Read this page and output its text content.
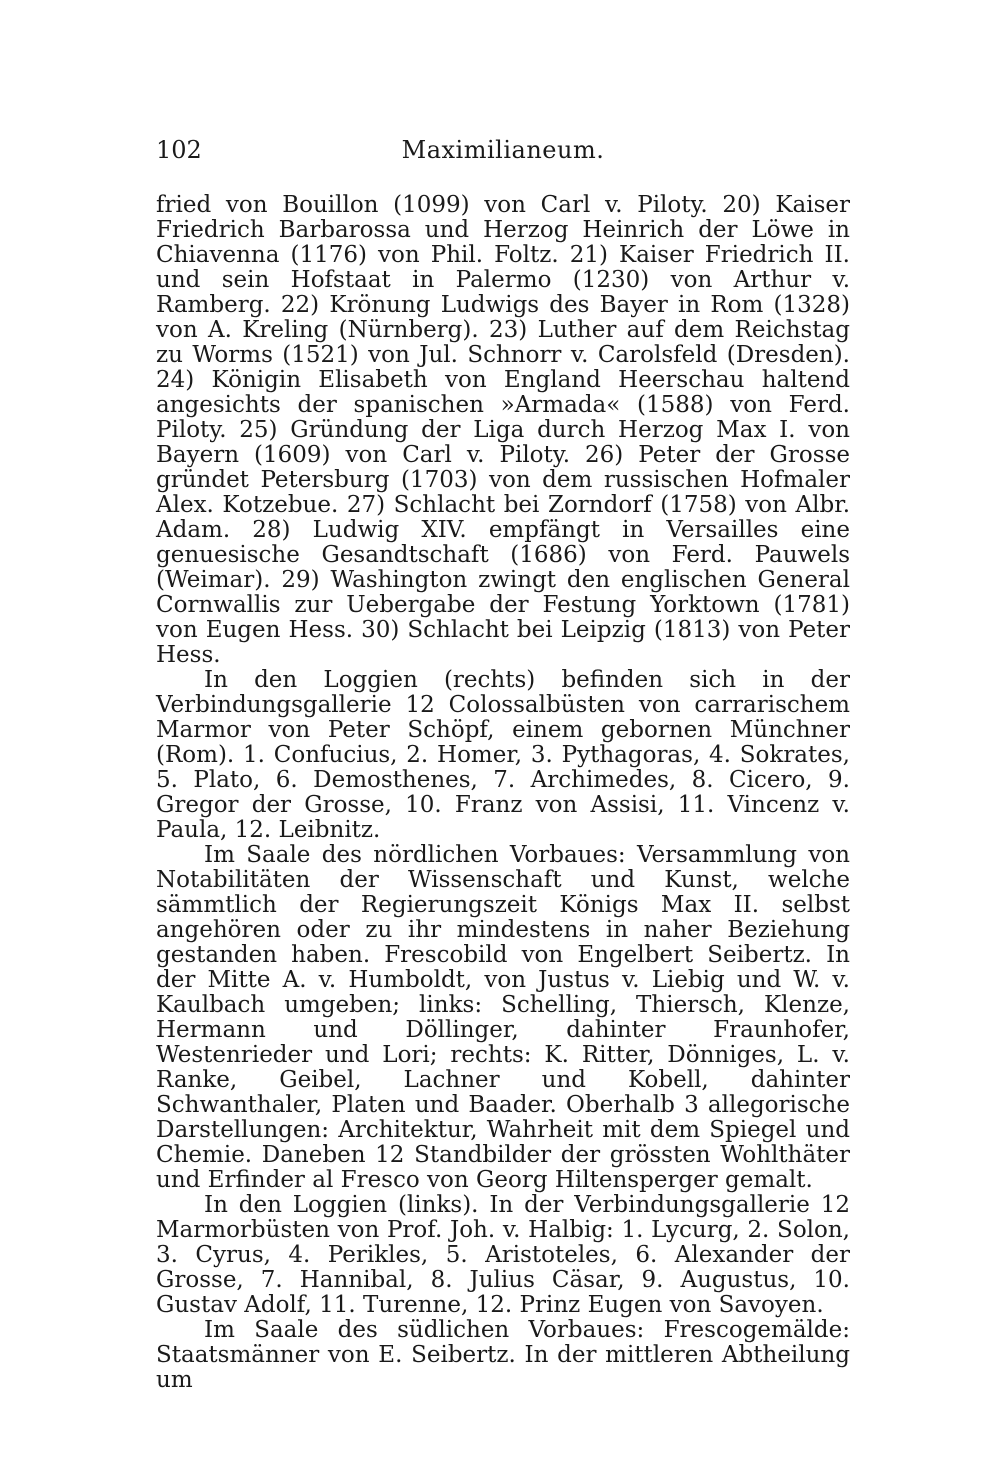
102	Maximilianeum.

fried von Bouillon (1099) von Carl v. Piloty. 20) Kaiser Friedrich Barbarossa und Herzog Heinrich der Löwe in Chiavenna (1176) von Phil. Foltz. 21) Kaiser Friedrich II. und sein Hofstaat in Palermo (1230) von Arthur v. Ramberg. 22) Krönung Ludwigs des Bayer in Rom (1328) von A. Kreling (Nürnberg). 23) Luther auf dem Reichstag zu Worms (1521) von Jul. Schnorr v. Carolsfeld (Dresden). 24) Königin Elisabeth von England Heerschau haltend angesichts der spanischen »Armada« (1588) von Ferd. Piloty. 25) Gründung der Liga durch Herzog Max I. von Bayern (1609) von Carl v. Piloty. 26) Peter der Grosse gründet Petersburg (1703) von dem russischen Hofmaler Alex. Kotzebue. 27) Schlacht bei Zorndorf (1758) von Albr. Adam. 28) Ludwig XIV. empfängt in Versailles eine genuesische Gesandtschaft (1686) von Ferd. Pauwels (Weimar). 29) Washington zwingt den englischen General Cornwallis zur Uebergabe der Festung Yorktown (1781) von Eugen Hess. 30) Schlacht bei Leipzig (1813) von Peter Hess.

In den Loggien (rechts) befinden sich in der Verbindungsgallerie 12 Colossalbüsten von carrarischem Marmor von Peter Schöpf, einem gebornen Münchner (Rom). 1. Confucius, 2. Homer, 3. Pythagoras, 4. Sokrates, 5. Plato, 6. Demosthenes, 7. Archimedes, 8. Cicero, 9. Gregor der Grosse, 10. Franz von Assisi, 11. Vincenz v. Paula, 12. Leibnitz.

Im Saale des nördlichen Vorbaues: Versammlung von Notabilitäten der Wissenschaft und Kunst, welche sämmtlich der Regierungszeit Königs Max II. selbst angehören oder zu ihr mindestens in naher Beziehung gestanden haben. Frescobild von Engelbert Seibertz. In der Mitte A. v. Humboldt, von Justus v. Liebig und W. v. Kaulbach umgeben; links: Schelling, Thiersch, Klenze, Hermann und Döllinger, dahinter Fraunhofer, Westenrieder und Lori; rechts: K. Ritter, Dönniges, L. v. Ranke, Geibel, Lachner und Kobell, dahinter Schwanthaler, Platen und Baader. Oberhalb 3 allegorische Darstellungen: Architektur, Wahrheit mit dem Spiegel und Chemie. Daneben 12 Standbilder der grössten Wohlthäter und Erfinder al Fresco von Georg Hiltensperger gemalt.

In den Loggien (links). In der Verbindungsgallerie 12 Marmorbüsten von Prof. Joh. v. Halbig: 1. Lycurg, 2. Solon, 3. Cyrus, 4. Perikles, 5. Aristoteles, 6. Alexander der Grosse, 7. Hannibal, 8. Julius Cäsar, 9. Augustus, 10. Gustav Adolf, 11. Turenne, 12. Prinz Eugen von Savoyen.

Im Saale des südlichen Vorbaues: Frescogemälde: Staatsmänner von E. Seibertz. In der mittleren Abtheilung um
